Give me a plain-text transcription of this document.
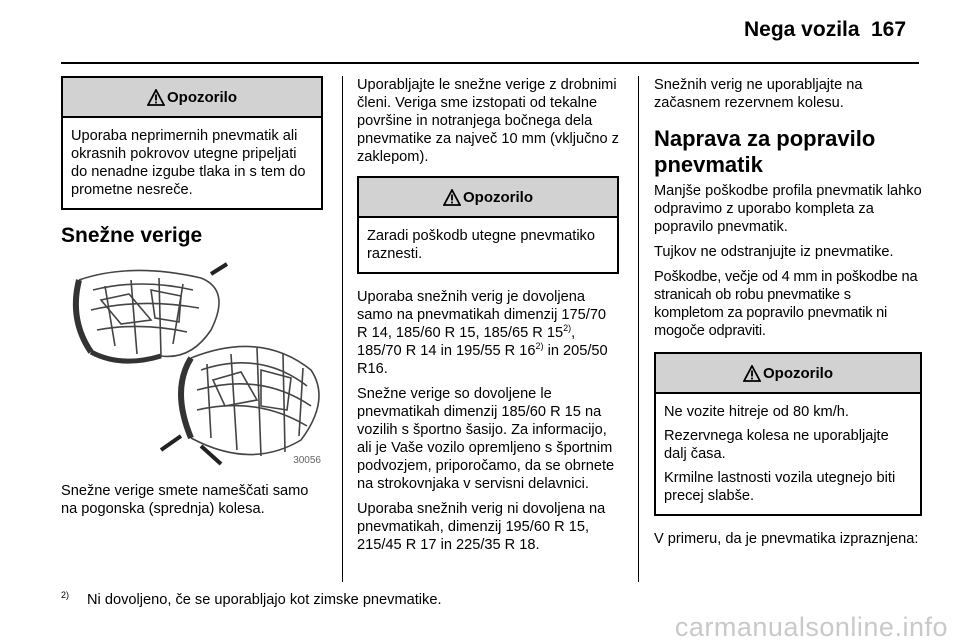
Nega vozila 167
Opozorilo

Uporaba neprimernih pnevmatik ali okrasnih pokrovov utegne pripeljati do nenadne izgube tlaka in s tem do prometne nesreče.

Snežne verige
30056

Snežne verige smete nameščati samo na pogonska (sprednja) kolesa.

Uporabljajte le snežne verige z drobnimi členi. Veriga sme izstopati od tekalne površine in notranjega bočnega dela pnevmatike za največ 10 mm (vključno z zaklepom).

Opozorilo

Zaradi poškodb utegne pnevmatiko raznesti.

Uporaba snežnih verig je dovoljena samo na pnevmatikah dimenzij 175/70 R 14, 185/60 R 15, 185/65 R 15$^{2)}$, 185/70 R 14 in 195/55 R 16$^{2)}$ in 205/50 R16.

Snežne verige so dovoljene le pnevmatikah dimenzij 185/60 R 15 na vozilih s športno šasijo. Za informacijo, ali je Vaše vozilo opremljeno s športnim podvozjem, priporočamo, da se obrnete na strokovnjaka v servisni delavnici.

Uporaba snežnih verig ni dovoljena na pnevmatikah, dimenzij 195/60 R 15, 215/45 R 17 in 225/35 R 18.

Snežnih verig ne uporabljajte na začasnem rezervnem kolesu.

Naprava za popravilo pnevmatik

Manjše poškodbe profila pnevmatik lahko odpravimo z uporabo kompleta za popravilo pnevmatik.

Tujkov ne odstranjujte iz pnevmatike.

Poškodbe, večje od 4 mm in poškodbe na stranicah ob robu pnevmatike s kompletom za popravilo pnevmatik ni mogoče odpraviti.

Opozorilo

Ne vozite hitreje od 80 km/h.

Rezervnega kolesa ne uporabljajte dalj časa.

Krmilne lastnosti vozila utegnejo biti precej slabše.

V primeru, da je pnevmatika izpraznjena:

$^{2)}$ Ni dovoljeno, če se uporabljajo kot zimske pnevmatike.
carmanualsonline.info
